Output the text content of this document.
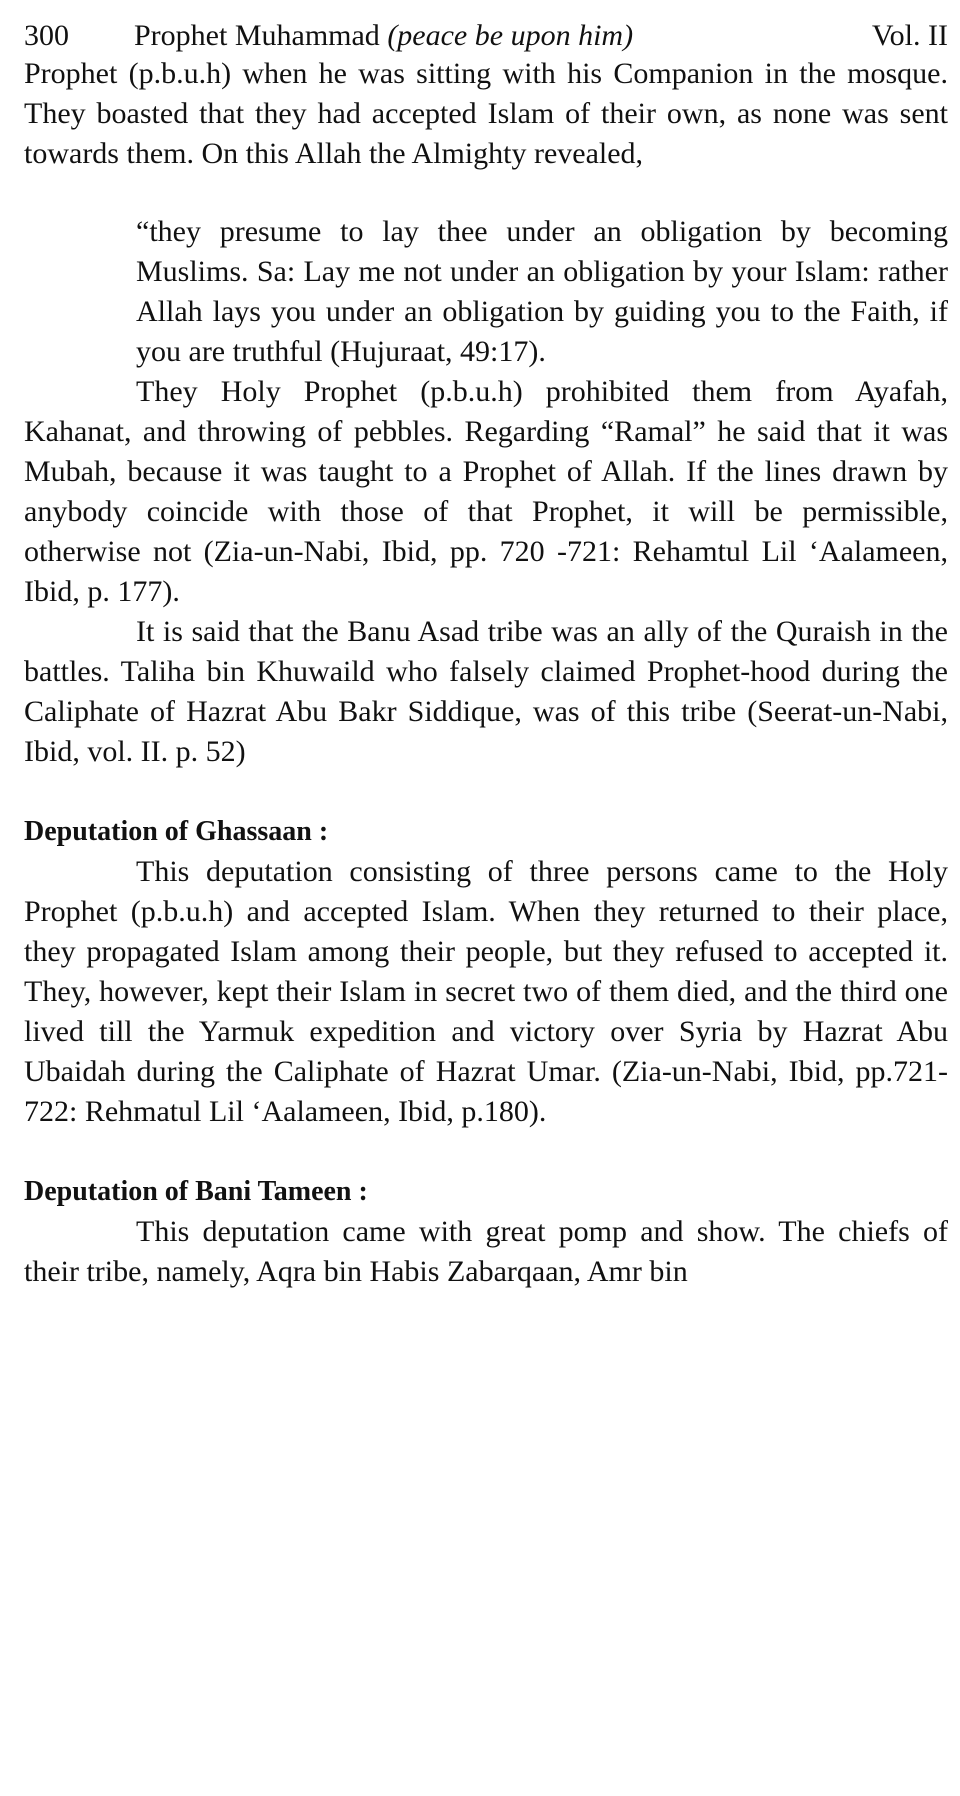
300	Prophet Muhammad (peace be upon him)	Vol. II

Prophet (p.b.u.h) when he was sitting with his Companion in the mosque. They boasted that they had accepted Islam of their own, as none was sent towards them. On this Allah the Almighty revealed,

“they presume to lay thee under an obligation by becoming Muslims. Sa: Lay me not under an obligation by your Islam: rather Allah lays you under an obligation by guiding you to the Faith, if you are truthful (Hujuraat, 49:17).

They Holy Prophet (p.b.u.h) prohibited them from Ayafah, Kahanat, and throwing of pebbles. Regarding “Ramal” he said that it was Mubah, because it was taught to a Prophet of Allah. If the lines drawn by anybody coincide with those of that Prophet, it will be permissible, otherwise not (Zia-un-Nabi, Ibid, pp. 720 -721: Rehamtul Lil ‘Aalameen, Ibid, p. 177).

It is said that the Banu Asad tribe was an ally of the Quraish in the battles. Taliha bin Khuwaild who falsely claimed Prophet-hood during the Caliphate of Hazrat Abu Bakr Siddique, was of this tribe (Seerat-un-Nabi, Ibid, vol. II. p. 52)

Deputation of Ghassaan :

This deputation consisting of three persons came to the Holy Prophet (p.b.u.h) and accepted Islam. When they returned to their place, they propagated Islam among their people, but they refused to accepted it. They, however, kept their Islam in secret two of them died, and the third one lived till the Yarmuk expedition and victory over Syria by Hazrat Abu Ubaidah during the Caliphate of Hazrat Umar. (Zia-un-Nabi, Ibid, pp.721-722: Rehmatul Lil ‘Aalameen, Ibid, p.180).

Deputation of Bani Tameen :

This deputation came with great pomp and show. The chiefs of their tribe, namely, Aqra bin Habis Zabarqaan, Amr bin
